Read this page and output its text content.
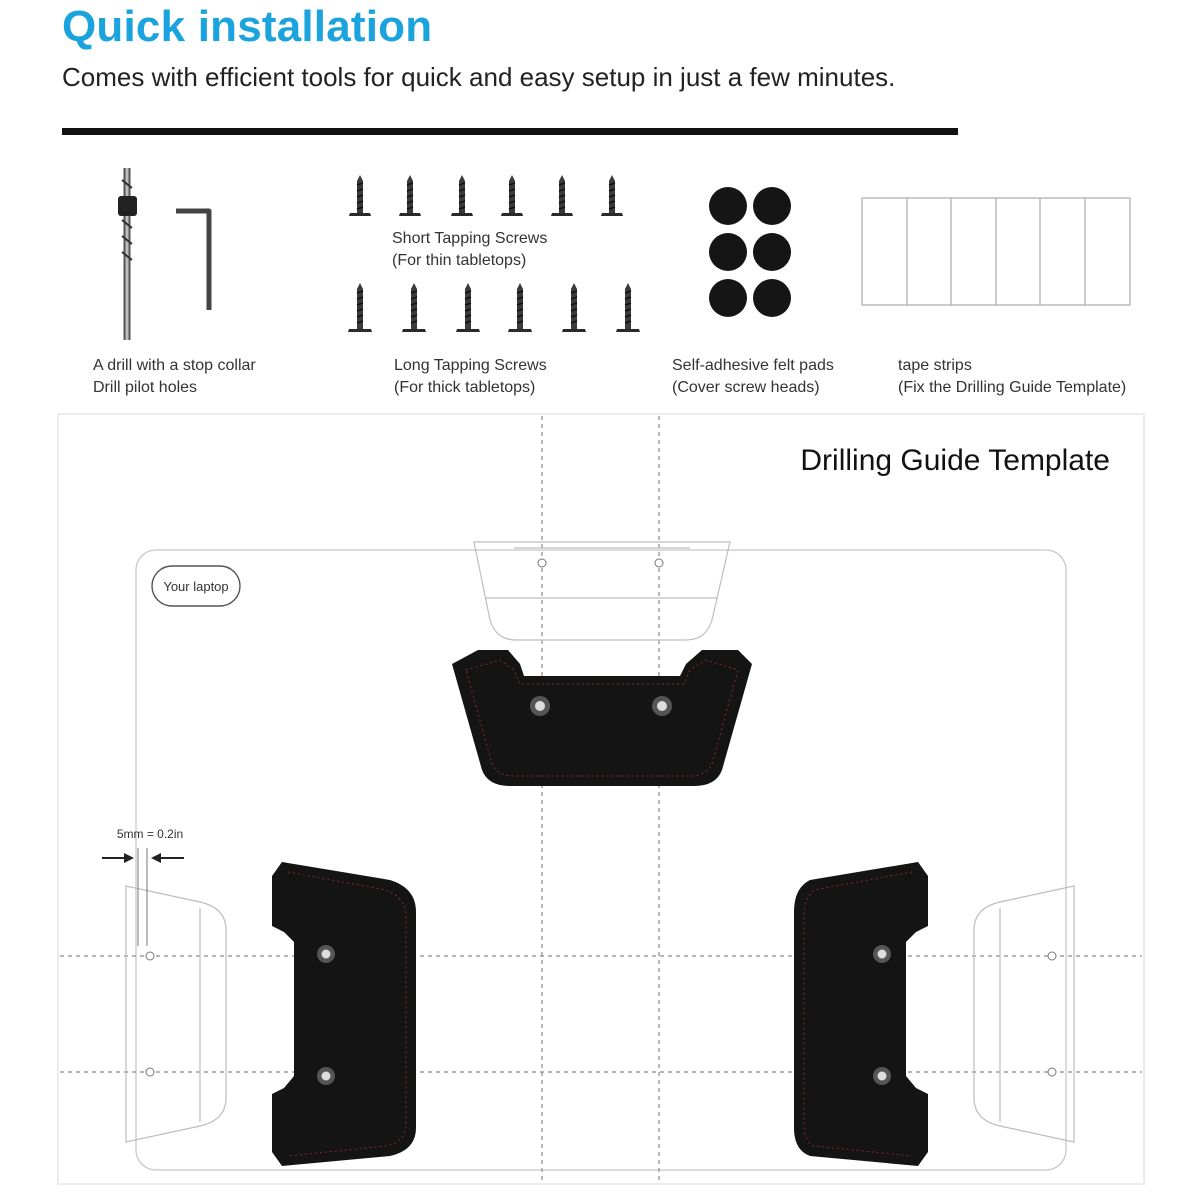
Quick installation

Comes with efficient tools for quick and easy setup in just a few minutes.

Drilling Guide Template
Your laptop
5mm = 0.2in
A drill with a stop collar
Drill pilot holes
Short Tapping Screws
(For thin tabletops)
Long Tapping Screws
(For thick tabletops)
Self-adhesive felt pads
(Cover screw heads)
tape strips
(Fix the Drilling Guide Template)
